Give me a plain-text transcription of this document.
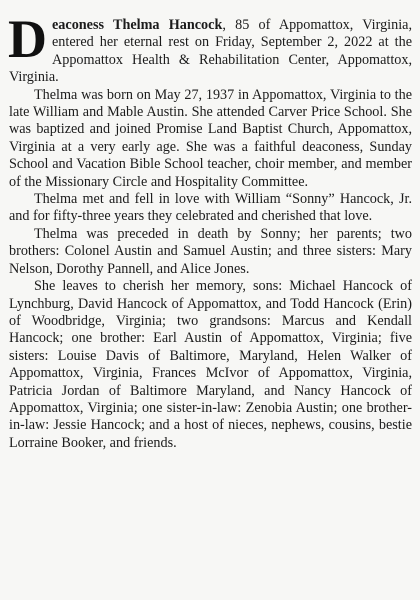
Deaconess Thelma Hancock, 85 of Appomattox, Virginia, entered her eternal rest on Friday, September 2, 2022 at the Appomattox Health & Rehabilitation Center, Appomattox, Virginia.

Thelma was born on May 27, 1937 in Appomattox, Virginia to the late William and Mable Austin. She attended Carver Price School. She was baptized and joined Promise Land Baptist Church, Appomattox, Virginia at a very early age. She was a faithful deaconess, Sunday School and Vacation Bible School teacher, choir member, and member of the Missionary Circle and Hospitality Committee.

Thelma met and fell in love with William “Sonny” Hancock, Jr. and for fifty-three years they celebrated and cherished that love.

Thelma was preceded in death by Sonny; her parents; two brothers: Colonel Austin and Samuel Austin; and three sisters: Mary Nelson, Dorothy Pannell, and Alice Jones.

She leaves to cherish her memory, sons: Michael Hancock of Lynchburg, David Hancock of Appomattox, and Todd Hancock (Erin) of Woodbridge, Virginia; two grandsons: Marcus and Kendall Hancock; one brother: Earl Austin of Appomattox, Virginia; five sisters: Louise Davis of Baltimore, Maryland, Helen Walker of Appomattox, Virginia, Frances McIvor of Appomattox, Virginia, Patricia Jordan of Baltimore Maryland, and Nancy Hancock of Appomattox, Virginia; one sister-in-law: Zenobia Austin; one brother-in-law: Jessie Hancock; and a host of nieces, nephews, cousins, bestie Lorraine Booker, and friends.
